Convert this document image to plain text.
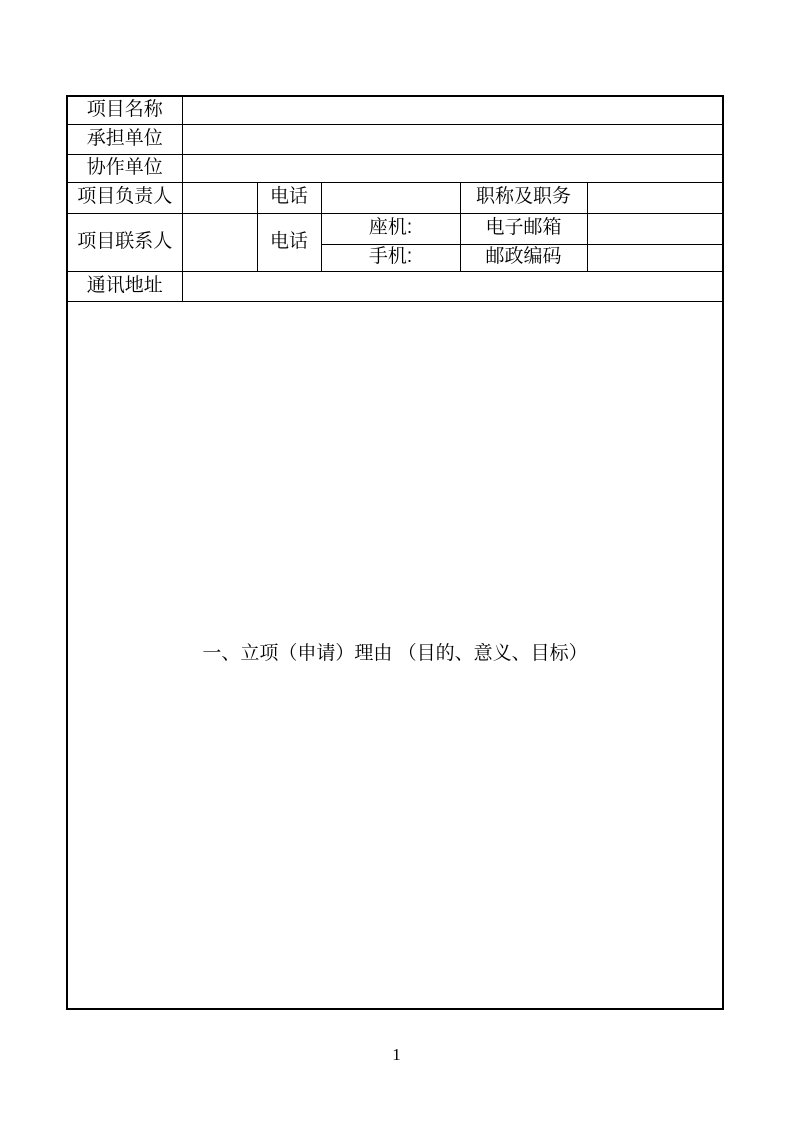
项目名称					
承担单位					
协作单位					
项目负责人		电话		职称及职务	
项目联系人		电话	座机:	电子邮箱	
			手机:	邮政编码	
通讯地址					

一、立项（申请）理由 （目的、意义、目标）					
1
